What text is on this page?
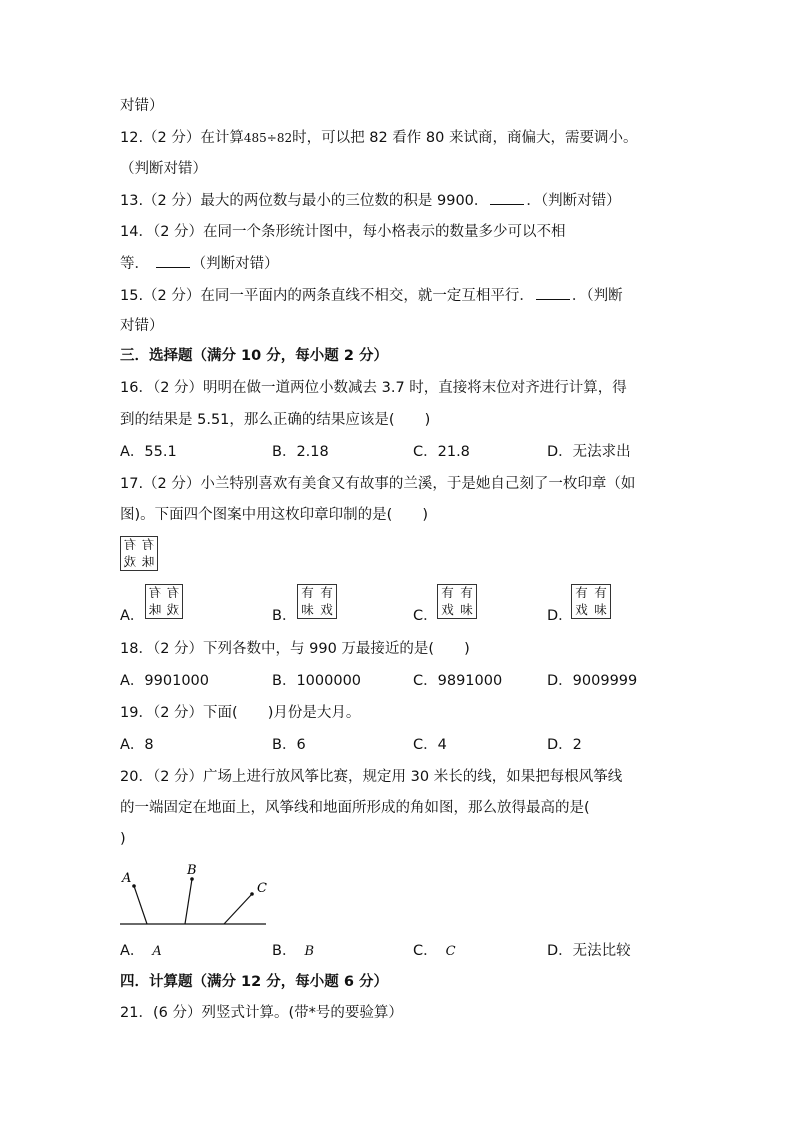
对错）
12.（2 分）在计算485÷82时，可以把 82 看作 80 来试商，商偏大，需要调小。
（判断对错）
13.（2 分）最大的两位数与最小的三位数的积是 9900．	．（判断对错）
14．（2 分）在同一个条形统计图中，每小格表示的数量多少可以不相
等．	（判断对错）
15.（2 分）在同一平面内的两条直线不相交，就一定互相平行．	．（判断
对错）
三．选择题（满分 10 分，每小题 2 分）
16．（2 分）明明在做一道两位小数减去 3.7 时，直接将末位对齐进行计算，得
到的结果是 5.51，那么正确的结果应该是( )
A．55.1	B．2.18	C．21.8	D．无法求出
17.（2 分）小兰特别喜欢有美食又有故事的兰溪，于是她自己刻了一枚印章（如
图)。下面四个图案中用这枚印章印制的是( )
有 有
戏 味
A．
有 有
味 戏	B．
有 有
味 戏	C．
有 有
戏 味	D．
有 有
戏 味
18．（2 分）下列各数中，与 990 万最接近的是( )
A．9901000	B．1000000	C．9891000	D．9009999
19．（2 分）下面( )月份是大月。
A．8	B．6	C．4	D．2
20．（2 分）广场上进行放风筝比赛，规定用 30 米长的线，如果把每根风筝线
的一端固定在地面上，风筝线和地面所形成的角如图，那么放得最高的是(
)
A
B
C
A． A	B． B	C． C	D．无法比较
四．计算题（满分 12 分，每小题 6 分）
21．(6 分）列竖式计算。(带*号的要验算）
